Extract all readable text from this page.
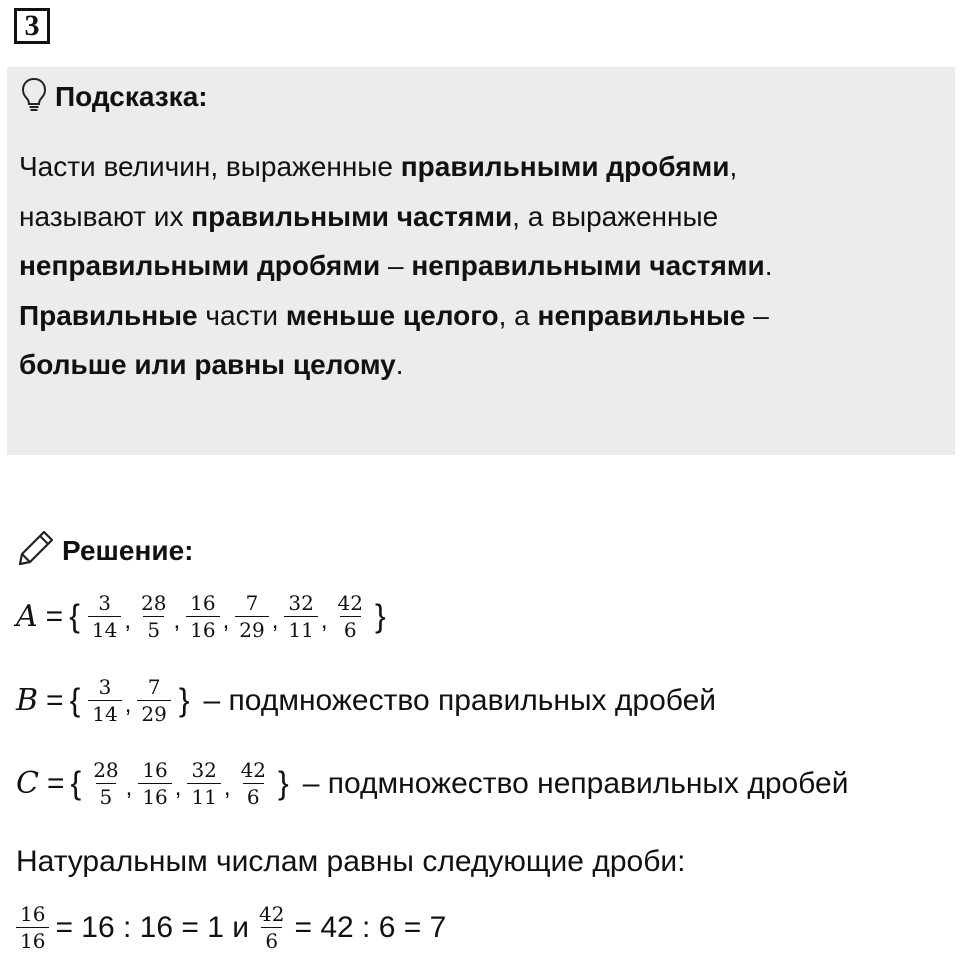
3
Подсказка:
Части величин, выраженные правильными дробями,
называют их правильными частями, а выраженные
неправильными дробями – неправильными частями.
Правильные части меньше целого, а неправильные –
больше или равны целому.
Решение:
A = { $\frac{3}{14}$ , $\frac{28}{5}$ , $\frac{16}{16}$ , $\frac{7}{29}$ , $\frac{32}{11}$ , $\frac{42}{6}$ }
B = { $\frac{3}{14}$ , $\frac{7}{29}$ } – подмножество правильных дробей
C = { $\frac{28}{5}$ , $\frac{16}{16}$ , $\frac{32}{11}$ , $\frac{42}{6}$ } – подмножество неправильных дробей
Натуральным числам равны следующие дроби:
$\frac{16}{16} = 16$ : 16 = 1 и $\frac{42}{6} = 42$ : 6 = 7
